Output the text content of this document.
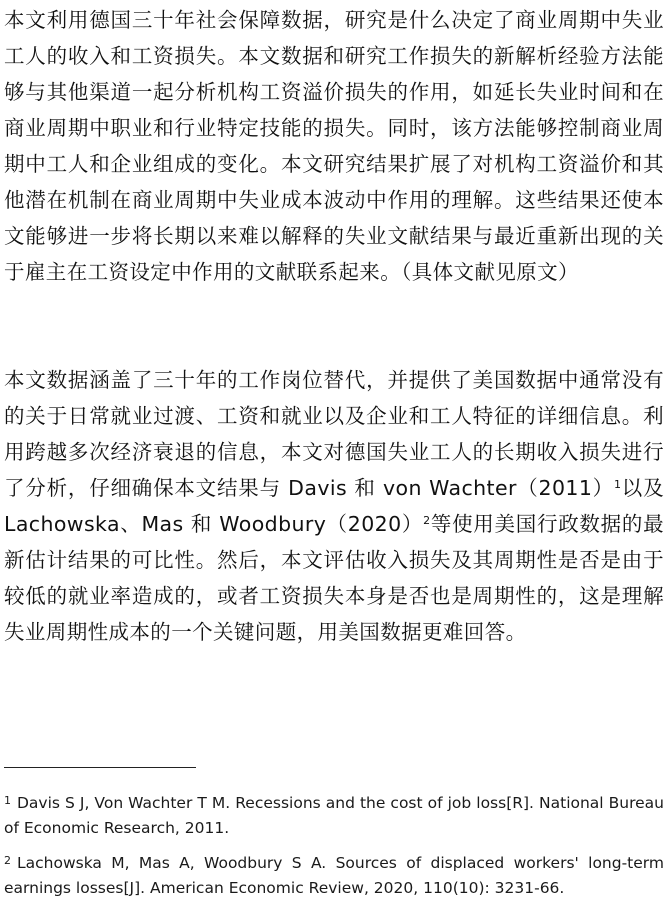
本文利用德国三十年社会保障数据，研究是什么决定了商业周期中失业工人的收入和工资损失。本文数据和研究工作损失的新解析经验方法能够与其他渠道一起分析机构工资溢价损失的作用，如延长失业时间和在商业周期中职业和行业特定技能的损失。同时，该方法能够控制商业周期中工人和企业组成的变化。本文研究结果扩展了对机构工资溢价和其他潜在机制在商业周期中失业成本波动中作用的理解。这些结果还使本文能够进一步将长期以来难以解释的失业文献结果与最近重新出现的关于雇主在工资设定中作用的文献联系起来。（具体文献见原文）

本文数据涵盖了三十年的工作岗位替代，并提供了美国数据中通常没有的关于日常就业过渡、工资和就业以及企业和工人特征的详细信息。利用跨越多次经济衰退的信息，本文对德国失业工人的长期收入损失进行了分析，仔细确保本文结果与 Davis 和 von Wachter（2011）$^1$以及 Lachowska、Mas 和 Woodbury（2020）$^2$等使用美国行政数据的最新估计结果的可比性。然后，本文评估收入损失及其周期性是否是由于较低的就业率造成的，或者工资损失本身是否也是周期性的，这是理解失业周期性成本的一个关键问题，用美国数据更难回答。

$^1$ Davis S J, Von Wachter T M. Recessions and the cost of job loss[R]. National Bureau of Economic Research, 2011.

$^2$ Lachowska M, Mas A, Woodbury S A. Sources of displaced workers' long-term earnings losses[J]. American Economic Review, 2020, 110(10): 3231-66.
